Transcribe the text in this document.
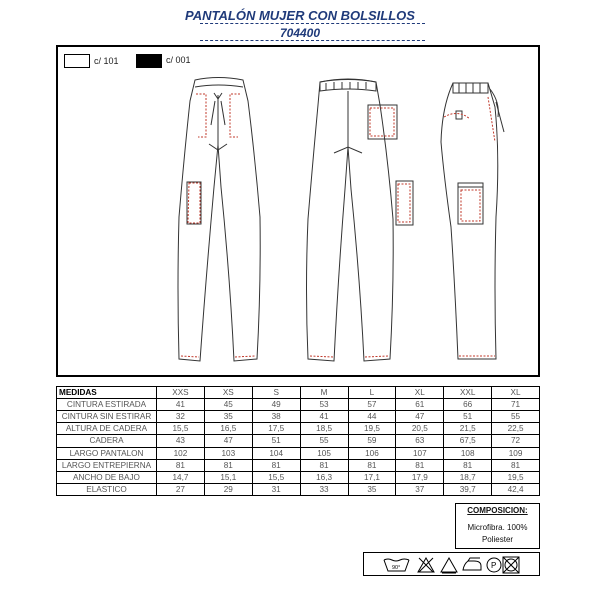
PANTALÓN MUJER CON BOLSILLOS
704400
c/ 101	c/ 001
MEDIDAS	XXS	XS	S	M	L	XL	XXL	XL
CINTURA ESTIRADA	41	45	49	53	57	61	66	71
CINTURA SIN ESTIRAR	32	35	38	41	44	47	51	55
ALTURA DE CADERA	15,5	16,5	17,5	18,5	19,5	20,5	21,5	22,5
CADERA	43	47	51	55	59	63	67,5	72
LARGO PANTALON	102	103	104	105	106	107	108	109
LARGO ENTREPIERNA	81	81	81	81	81	81	81	81
ANCHO DE BAJO	14,7	15,1	15,5	16,3	17,1	17,9	18,7	19,5
ELASTICO	27	29	31	33	35	37	39,7	42,4
COMPOSICION:
Microfibra. 100%
Poliester
90°	P
